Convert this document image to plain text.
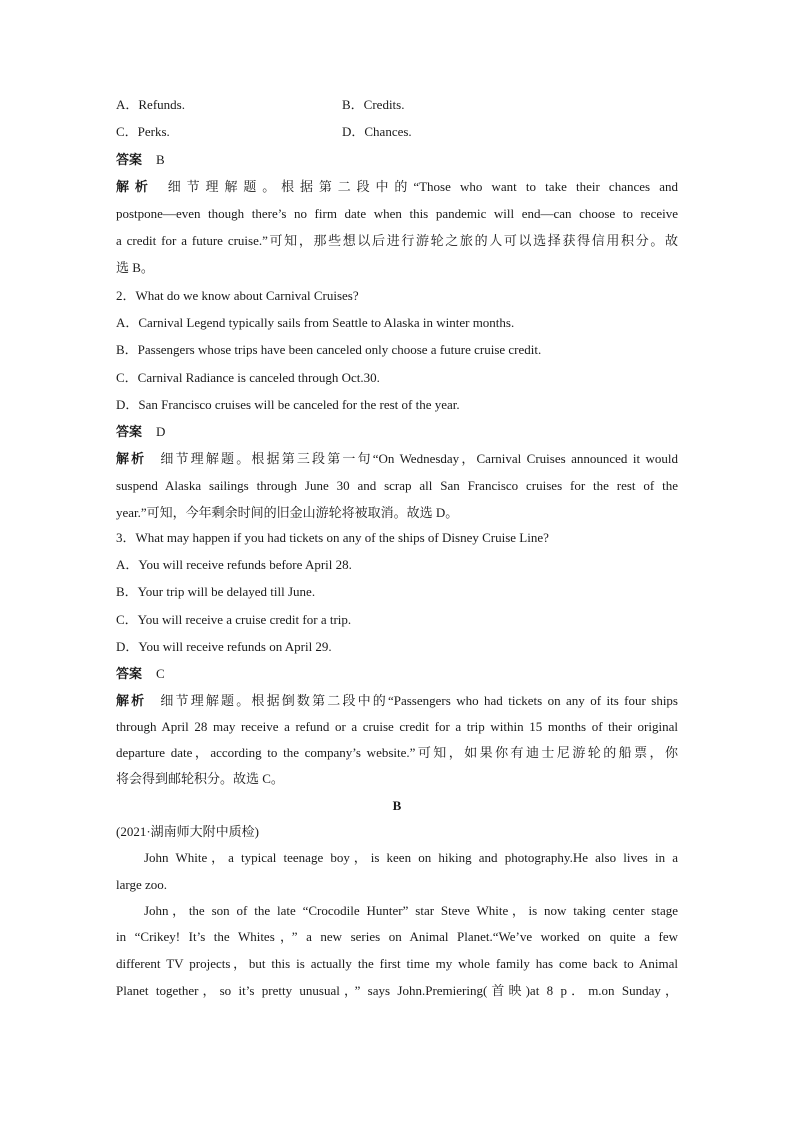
A．Refunds.	B．Credits.
C．Perks.	D．Chances.
答案 B
解析 细节理解题。根据第二段中的“Those who want to take their chances and
postpone—even though there’s no firm date when this pandemic will end—can choose to receive
a credit for a future cruise.”可知，那些想以后进行游轮之旅的人可以选择获得信用积分。故
选 B。
2．What do we know about Carnival Cruises?
A．Carnival Legend typically sails from Seattle to Alaska in winter months.
B．Passengers whose trips have been canceled only choose a future cruise credit.
C．Carnival Radiance is canceled through Oct.30.
D．San Francisco cruises will be canceled for the rest of the year.
答案 D
解析 细节理解题。根据第三段第一句“On Wednesday，Carnival Cruises announced it would
suspend Alaska sailings through June 30 and scrap all San Francisco cruises for the rest of the
year.”可知，今年剩余时间的旧金山游轮将被取消。故选 D。
3．What may happen if you had tickets on any of the ships of Disney Cruise Line?
A．You will receive refunds before April 28.
B．Your trip will be delayed till June.
C．You will receive a cruise credit for a trip.
D．You will receive refunds on April 29.
答案 C
解析 细节理解题。根据倒数第二段中的“Passengers who had tickets on any of its four ships
through April 28 may receive a refund or a cruise credit for a trip within 15 months of their original
departure date，according to the company’s website.”可知，如果你有迪士尼游轮的船票，你
将会得到邮轮积分。故选 C。
B
(2021·湖南师大附中质检)
John White，a typical teenage boy，is keen on hiking and photography.He also lives in a
large zoo.
John，the son of the late “Crocodile Hunter” star Steve White，is now taking center stage
in “Crikey! It’s the Whites，” a new series on Animal Planet.“We’ve worked on quite a few
different TV projects，but this is actually the first time my whole family has come back to Animal
Planet together，so it’s pretty unusual，” says John.Premiering(首映)at 8 p．m.on Sunday，
